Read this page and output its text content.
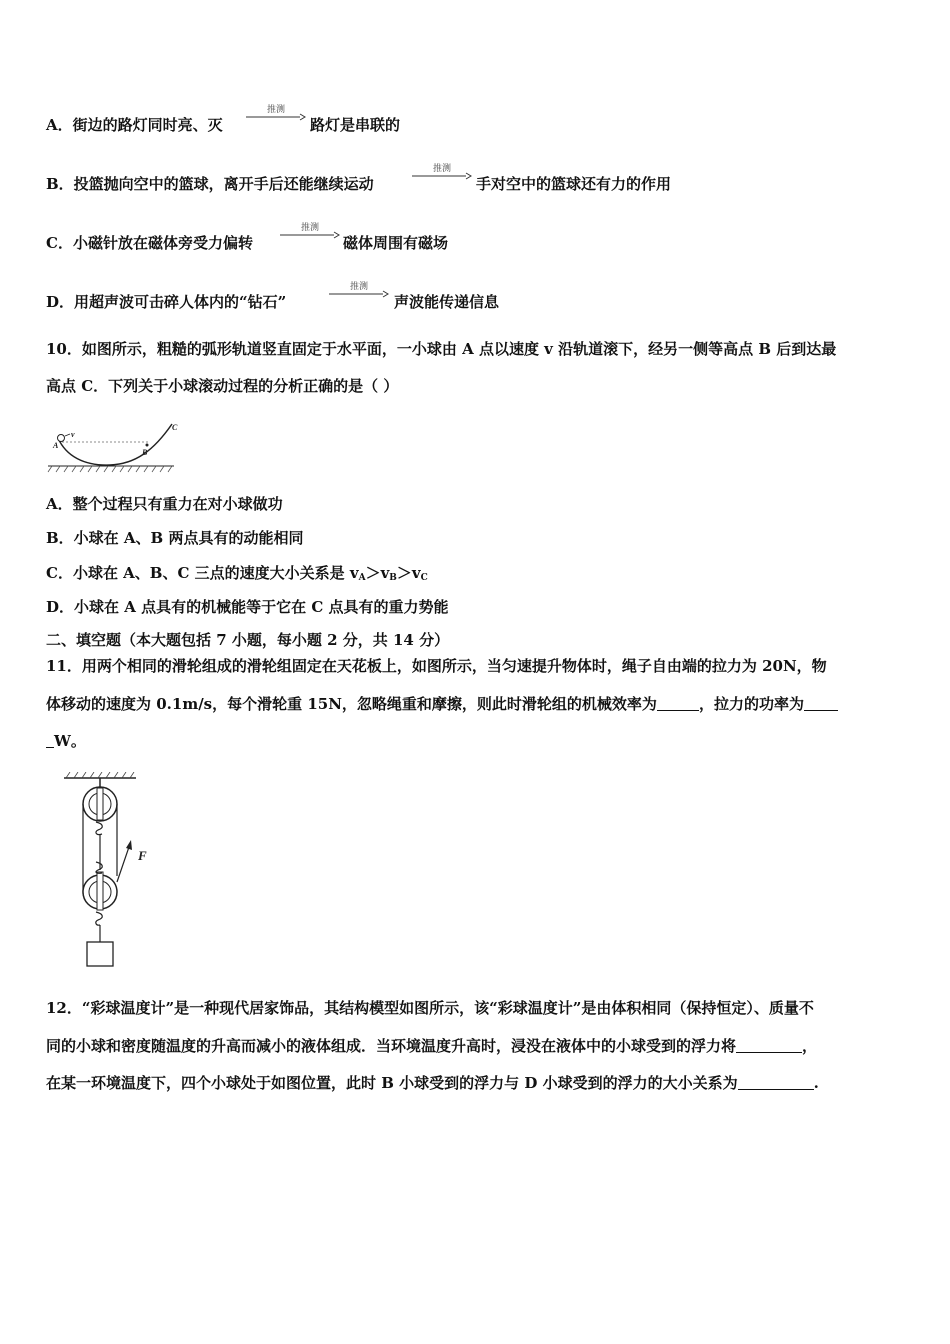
A．街边的路灯同时亮、灭
推测
路灯是串联的
B．投篮抛向空中的篮球，离开手后还能继续运动
推测
手对空中的篮球还有力的作用
C．小磁针放在磁体旁受力偏转
推测
磁体周围有磁场
D．用超声波可击碎人体内的“钻石”
推测
声波能传递信息
10．如图所示，粗糙的弧形轨道竖直固定于水平面，一小球由 A 点以速度 v 沿轨道滚下，经另一侧等高点 B 后到达最
高点 C．下列关于小球滚动过程的分析正确的是（ ）
A
v
B
C
A．整个过程只有重力在对小球做功
B．小球在 A、B 两点具有的动能相同
C．小球在 A、B、C 三点的速度大小关系是 $v_A>v_B>v_C$
D．小球在 A 点具有的机械能等于它在 C 点具有的重力势能
二、填空题（本大题包括 7 小题，每小题 2 分，共 14 分）
11．用两个相同的滑轮组成的滑轮组固定在天花板上，如图所示，当匀速提升物体时，绳子自由端的拉力为 20N，物
体移动的速度为 0.1m/s，每个滑轮重 15N，忽略绳重和摩擦，则此时滑轮组的机械效率为	，拉力的功率为
W。
F
12．“彩球温度计”是一种现代居家饰品，其结构模型如图所示，该“彩球温度计”是由体积相同（保持恒定）、质量不
同的小球和密度随温度的升高而减小的液体组成．当环境温度升高时，浸没在液体中的小球受到的浮力将	，
在某一环境温度下，四个小球处于如图位置，此时 B 小球受到的浮力与 D 小球受到的浮力的大小关系为	.
